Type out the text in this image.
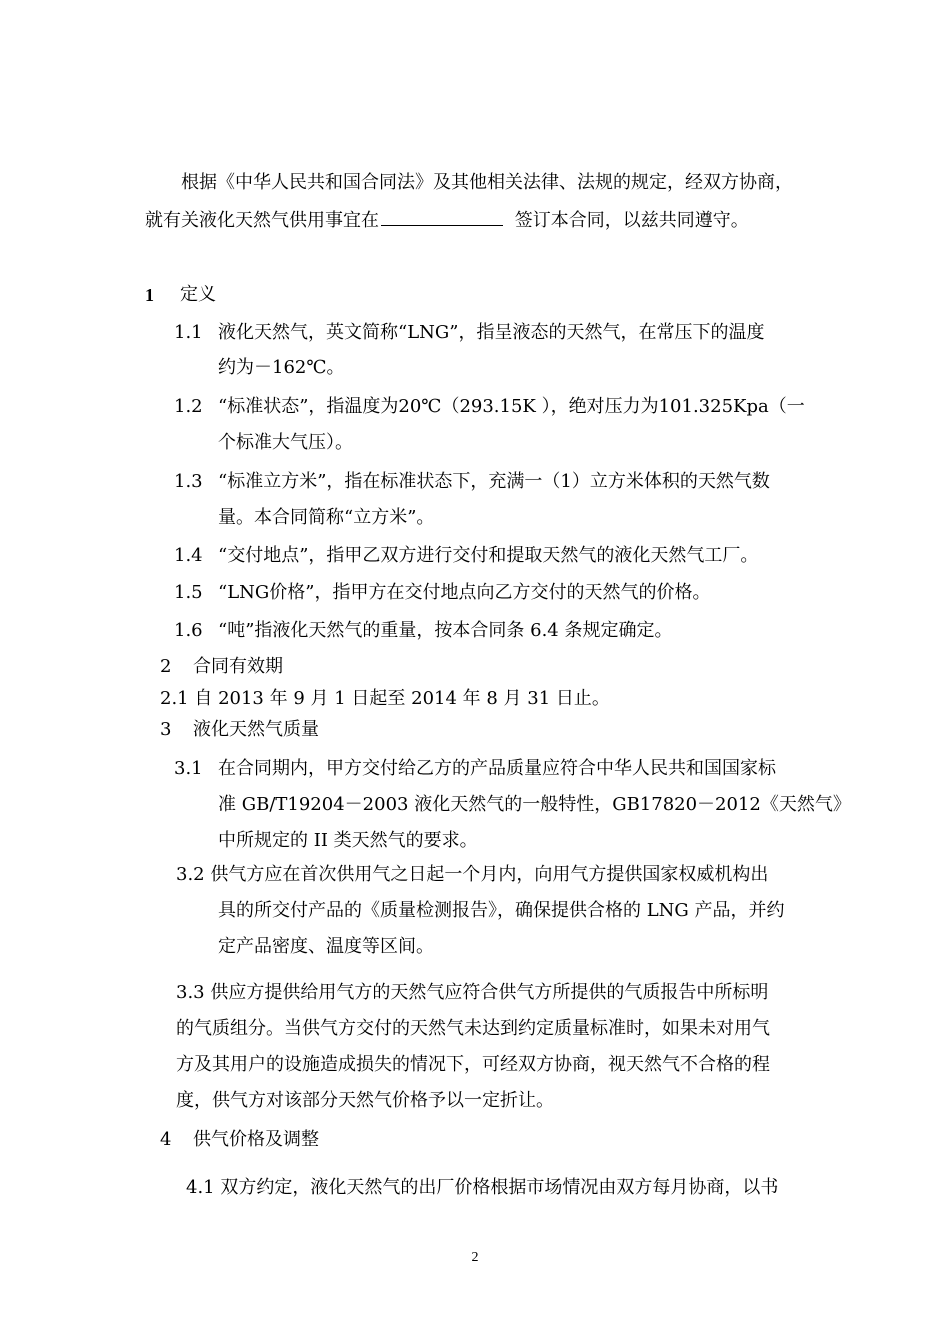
根据《中华人民共和国合同法》及其他相关法律、法规的规定，经双方协商，
就有关液化天然气供用事宜在	签订本合同，以兹共同遵守。
1 定义
1.1 液化天然气，英文简称“LNG”，指呈液态的天然气，在常压下的温度
约为－162℃。
1.2 “标准状态”，指温度为20℃（293.15K ），绝对压力为101.325Kpa（一
个标准大气压）。
1.3 “标准立方米”，指在标准状态下，充满一（1）立方米体积的天然气数
量。本合同简称“立方米”。
1.4 “交付地点”，指甲乙双方进行交付和提取天然气的液化天然气工厂。
1.5 “LNG价格”，指甲方在交付地点向乙方交付的天然气的价格。
1.6 “吨”指液化天然气的重量，按本合同条 6.4 条规定确定。
2 合同有效期
2.1 自 2013 年 9 月 1 日起至 2014 年 8 月 31 日止。
3 液化天然气质量
3.1 在合同期内，甲方交付给乙方的产品质量应符合中华人民共和国国家标
准 GB/T19204－2003 液化天然气的一般特性，GB17820－2012《天然气》
中所规定的 II 类天然气的要求。
3.2 供气方应在首次供用气之日起一个月内，向用气方提供国家权威机构出
具的所交付产品的《质量检测报告》，确保提供合格的 LNG 产品，并约
定产品密度、温度等区间。
3.3 供应方提供给用气方的天然气应符合供气方所提供的气质报告中所标明
的气质组分。当供气方交付的天然气未达到约定质量标准时，如果未对用气
方及其用户的设施造成损失的情况下，可经双方协商，视天然气不合格的程
度，供气方对该部分天然气价格予以一定折让。
4 供气价格及调整
4.1 双方约定，液化天然气的出厂价格根据市场情况由双方每月协商，以书
2
